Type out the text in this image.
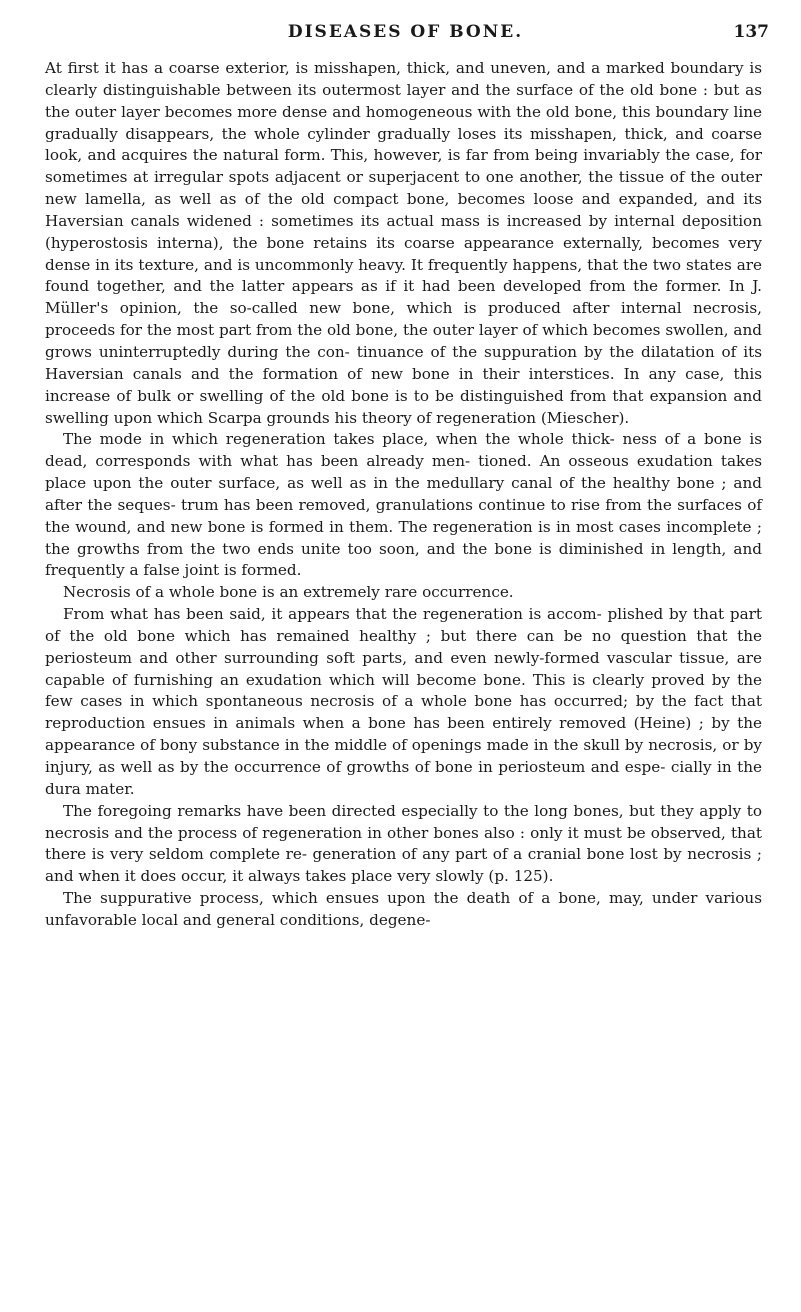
DISEASES OF BONE.	137

At first it has a coarse exterior, is misshapen, thick, and uneven, and a marked boundary is clearly distinguishable between its outermost layer and the surface of the old bone : but as the outer layer becomes more dense and homogeneous with the old bone, this boundary line gradually disappears, the whole cylinder gradually loses its misshapen, thick, and coarse look, and acquires the natural form. This, however, is far from being invariably the case, for sometimes at irregular spots adjacent or superjacent to one another, the tissue of the outer new lamella, as well as of the old compact bone, becomes loose and expanded, and its Haversian canals widened : sometimes its actual mass is increased by internal deposition (hyperostosis interna), the bone retains its coarse appearance externally, becomes very dense in its texture, and is uncommonly heavy. It frequently happens, that the two states are found together, and the latter appears as if it had been developed from the former. In J. Müller's opinion, the so-called new bone, which is produced after internal necrosis, proceeds for the most part from the old bone, the outer layer of which becomes swollen, and grows uninterruptedly during the con- tinuance of the suppuration by the dilatation of its Haversian canals and the formation of new bone in their interstices. In any case, this increase of bulk or swelling of the old bone is to be distinguished from that expansion and swelling upon which Scarpa grounds his theory of regeneration (Miescher).

The mode in which regeneration takes place, when the whole thick- ness of a bone is dead, corresponds with what has been already men- tioned. An osseous exudation takes place upon the outer surface, as well as in the medullary canal of the healthy bone ; and after the seques- trum has been removed, granulations continue to rise from the surfaces of the wound, and new bone is formed in them. The regeneration is in most cases incomplete ; the growths from the two ends unite too soon, and the bone is diminished in length, and frequently a false joint is formed.

Necrosis of a whole bone is an extremely rare occurrence.

From what has been said, it appears that the regeneration is accom- plished by that part of the old bone which has remained healthy ; but there can be no question that the periosteum and other surrounding soft parts, and even newly-formed vascular tissue, are capable of furnishing an exudation which will become bone. This is clearly proved by the few cases in which spontaneous necrosis of a whole bone has occurred; by the fact that reproduction ensues in animals when a bone has been entirely removed (Heine) ; by the appearance of bony substance in the middle of openings made in the skull by necrosis, or by injury, as well as by the occurrence of growths of bone in periosteum and espe- cially in the dura mater.

The foregoing remarks have been directed especially to the long bones, but they apply to necrosis and the process of regeneration in other bones also : only it must be observed, that there is very seldom complete re- generation of any part of a cranial bone lost by necrosis ; and when it does occur, it always takes place very slowly (p. 125).

The suppurative process, which ensues upon the death of a bone, may, under various unfavorable local and general conditions, degene-
